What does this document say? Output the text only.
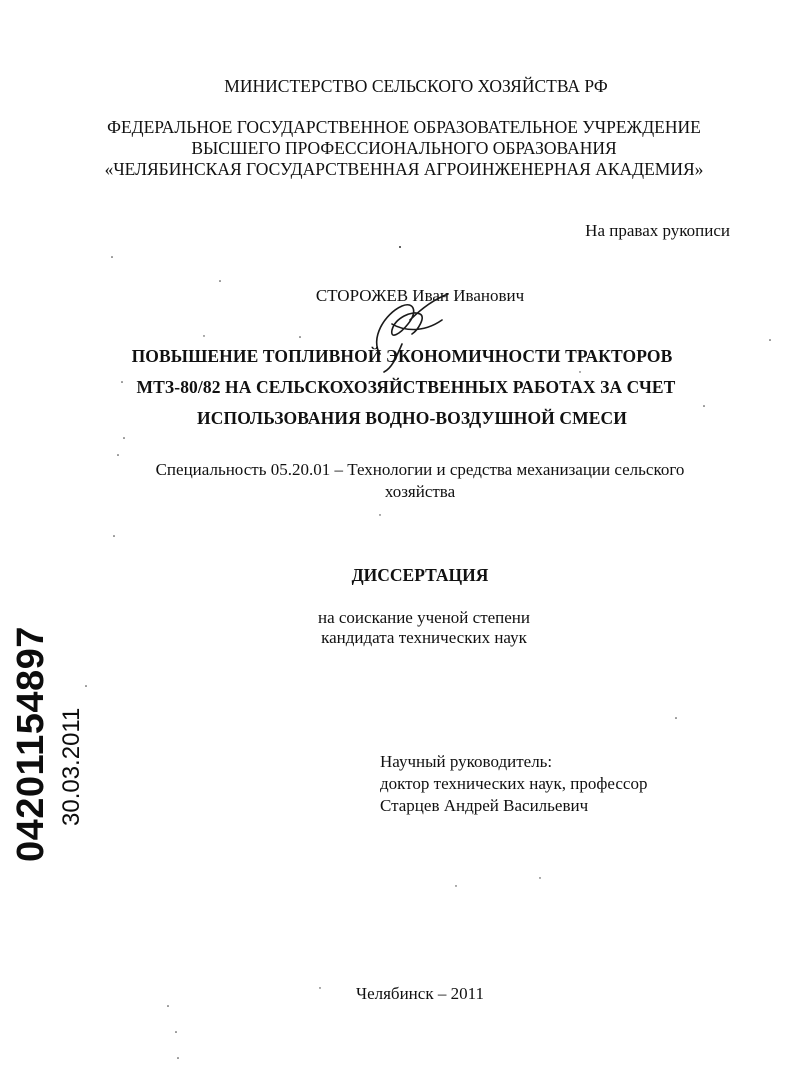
МИНИСТЕРСТВО СЕЛЬСКОГО ХОЗЯЙСТВА РФ
ФЕДЕРАЛЬНОЕ ГОСУДАРСТВЕННОЕ ОБРАЗОВАТЕЛЬНОЕ УЧРЕЖДЕНИЕ
ВЫСШЕГО ПРОФЕССИОНАЛЬНОГО ОБРАЗОВАНИЯ
«ЧЕЛЯБИНСКАЯ ГОСУДАРСТВЕННАЯ АГРОИНЖЕНЕРНАЯ АКАДЕМИЯ»
На правах рукописи
СТОРОЖЕВ Иван Иванович
ПОВЫШЕНИЕ ТОПЛИВНОЙ ЭКОНОМИЧНОСТИ ТРАКТОРОВ
МТЗ-80/82 НА СЕЛЬСКОХОЗЯЙСТВЕННЫХ РАБОТАХ ЗА СЧЕТ
ИСПОЛЬЗОВАНИЯ ВОДНО-ВОЗДУШНОЙ СМЕСИ
Специальность 05.20.01 – Технологии и средства механизации сельского
хозяйства
ДИССЕРТАЦИЯ
на соискание ученой степени
кандидата технических наук
Научный руководитель:
доктор технических наук, профессор
Старцев Андрей Васильевич
Челябинск – 2011
04201154897 30.03.2011
